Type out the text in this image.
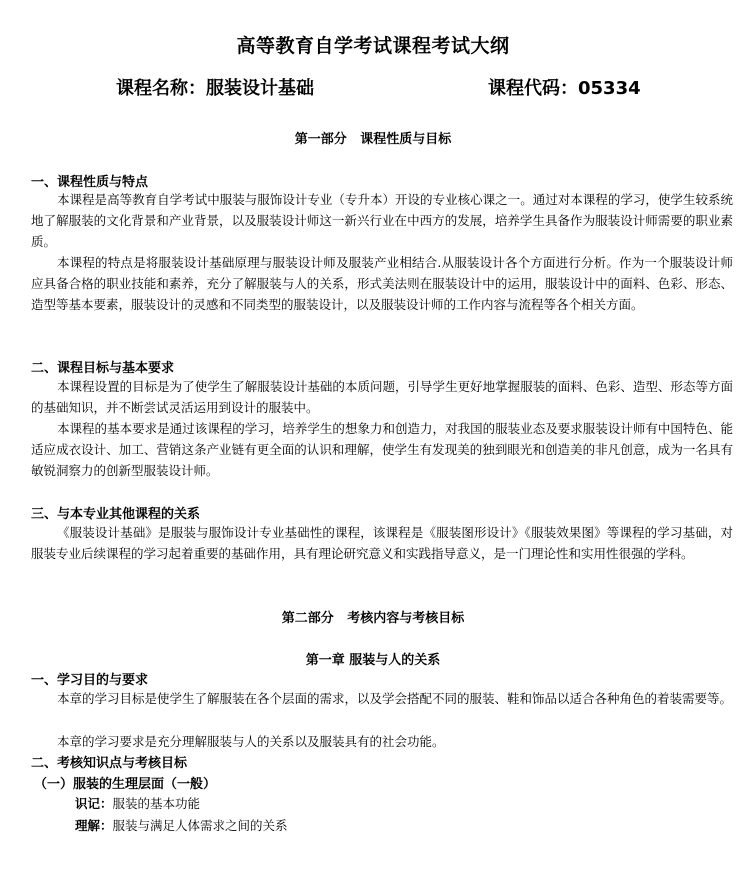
高等教育自学考试课程考试大纲
课程名称：服装设计基础	课程代码：05334
第一部分   课程性质与目标
一、课程性质与特点

本课程是高等教育自学考试中服装与服饰设计专业（专升本）开设的专业核心课之一。通过对本课程的学习，使学生较系统地了解服装的文化背景和产业背景，以及服装设计师这一新兴行业在中西方的发展，培养学生具备作为服装设计师需要的职业素质。

本课程的特点是将服装设计基础原理与服装设计师及服装产业相结合.从服装设计各个方面进行分析。作为一个服装设计师应具备合格的职业技能和素养，充分了解服装与人的关系，形式美法则在服装设计中的运用，服装设计中的面料、色彩、形态、造型等基本要素，服装设计的灵感和不同类型的服装设计，以及服装设计师的工作内容与流程等各个相关方面。

二、课程目标与基本要求

本课程设置的目标是为了使学生了解服装设计基础的本质问题，引导学生更好地掌握服装的面料、色彩、造型、形态等方面的基础知识，并不断尝试灵活运用到设计的服装中。

本课程的基本要求是通过该课程的学习，培养学生的想象力和创造力，对我国的服装业态及要求服装设计师有中国特色、能适应成衣设计、加工、营销这条产业链有更全面的认识和理解，使学生有发现美的独到眼光和创造美的非凡创意，成为一名具有敏锐洞察力的创新型服装设计师。

三、与本专业其他课程的关系

《服装设计基础》是服装与服饰设计专业基础性的课程，该课程是《服装图形设计》《服装效果图》等课程的学习基础，对服装专业后续课程的学习起着重要的基础作用，具有理论研究意义和实践指导意义，是一门理论性和实用性很强的学科。

第二部分   考核内容与考核目标
第一章 服装与人的关系
一、学习目的与要求

本章的学习目标是使学生了解服装在各个层面的需求，以及学会搭配不同的服装、鞋和饰品以适合各种角色的着装需要等。

本章的学习要求是充分理解服装与人的关系以及服装具有的社会功能。

二、考核知识点与考核目标
（一）服装的生理层面（一般）
识记：服装的基本功能
理解：服装与满足人体需求之间的关系
